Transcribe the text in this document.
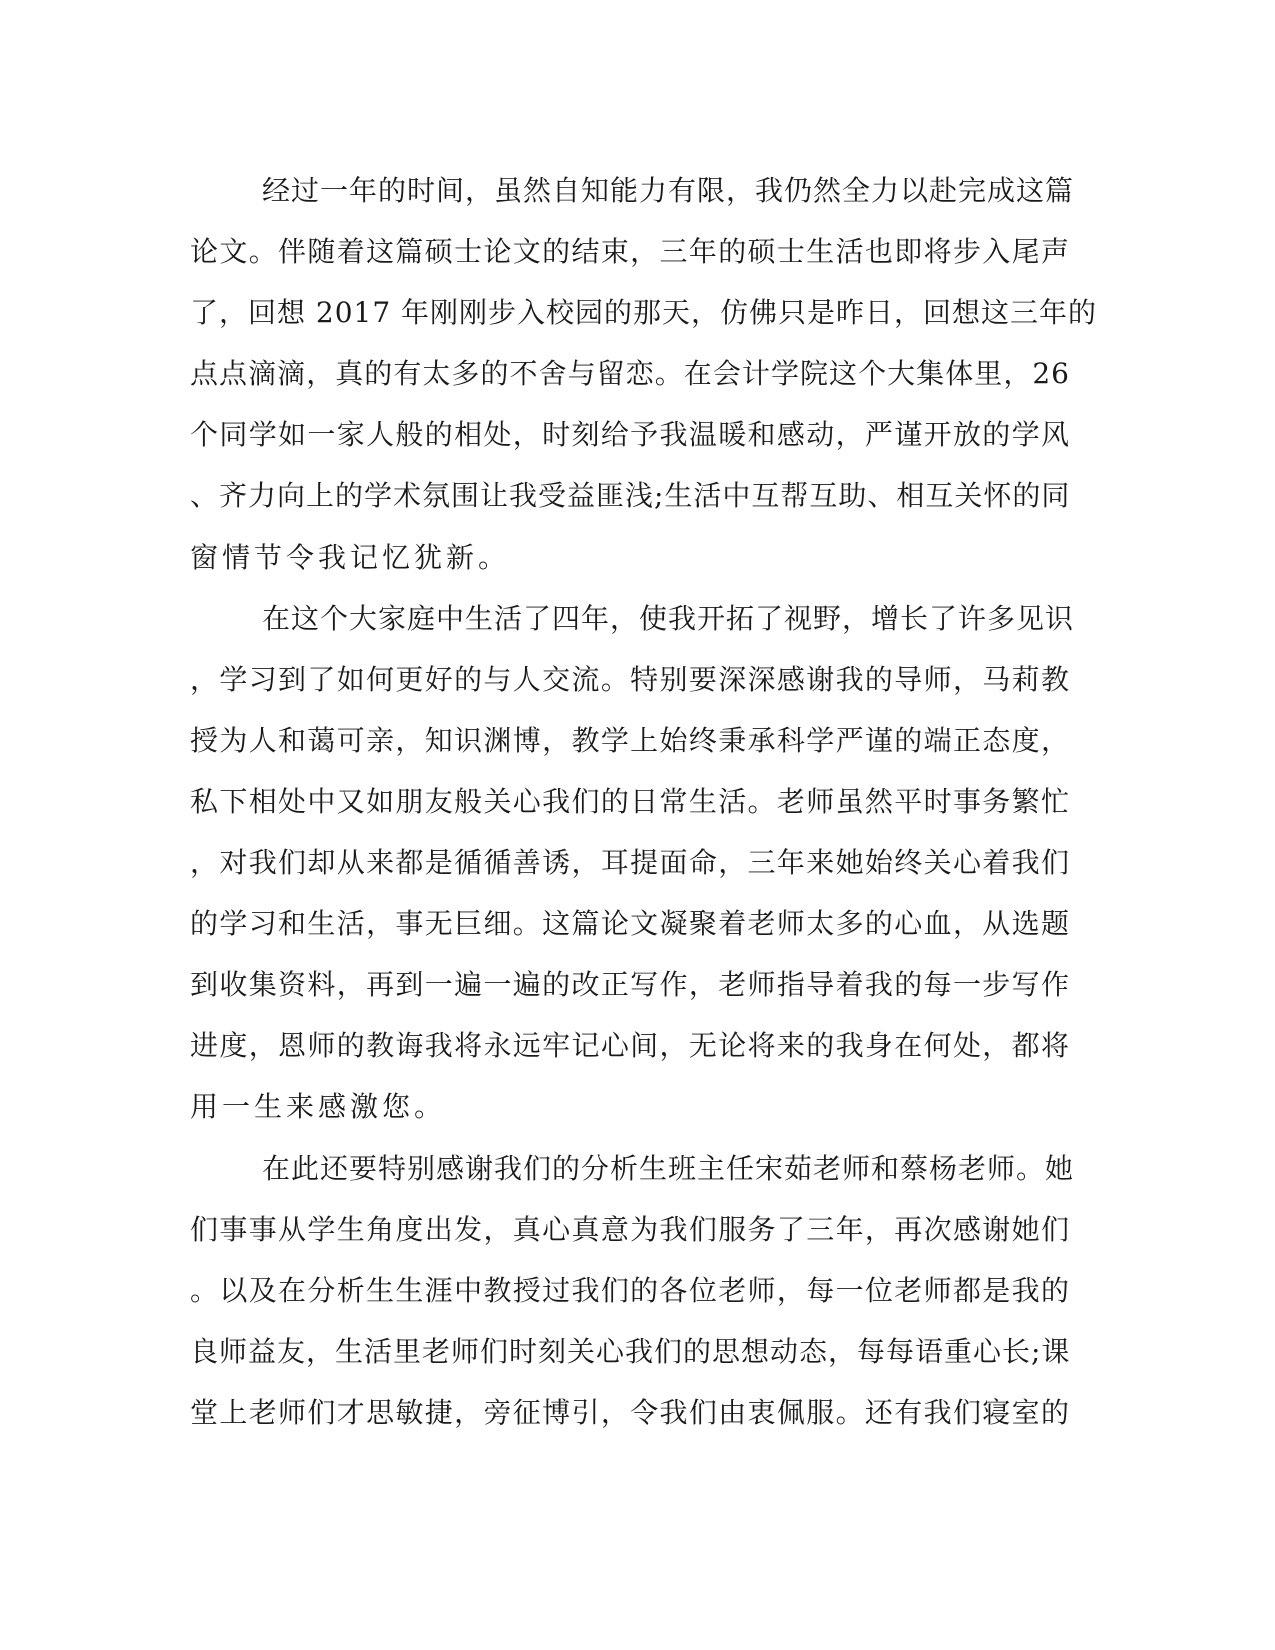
经过一年的时间，虽然自知能力有限，我仍然全力以赴完成这篇
论文。伴随着这篇硕士论文的结束，三年的硕士生活也即将步入尾声
了，回想 2017 年刚刚步入校园的那天，仿佛只是昨日，回想这三年的
点点滴滴，真的有太多的不舍与留恋。在会计学院这个大集体里，26
个同学如一家人般的相处，时刻给予我温暖和感动，严谨开放的学风
、齐力向上的学术氛围让我受益匪浅;生活中互帮互助、相互关怀的同
窗情节令我记忆犹新。
在这个大家庭中生活了四年，使我开拓了视野，增长了许多见识
，学习到了如何更好的与人交流。特别要深深感谢我的导师，马莉教
授为人和蔼可亲，知识渊博，教学上始终秉承科学严谨的端正态度，
私下相处中又如朋友般关心我们的日常生活。老师虽然平时事务繁忙
，对我们却从来都是循循善诱，耳提面命，三年来她始终关心着我们
的学习和生活，事无巨细。这篇论文凝聚着老师太多的心血，从选题
到收集资料，再到一遍一遍的改正写作，老师指导着我的每一步写作
进度，恩师的教诲我将永远牢记心间，无论将来的我身在何处，都将
用一生来感激您。
在此还要特别感谢我们的分析生班主任宋茹老师和蔡杨老师。她
们事事从学生角度出发，真心真意为我们服务了三年，再次感谢她们
。以及在分析生生涯中教授过我们的各位老师，每一位老师都是我的
良师益友，生活里老师们时刻关心我们的思想动态，每每语重心长;课
堂上老师们才思敏捷，旁征博引，令我们由衷佩服。还有我们寝室的
